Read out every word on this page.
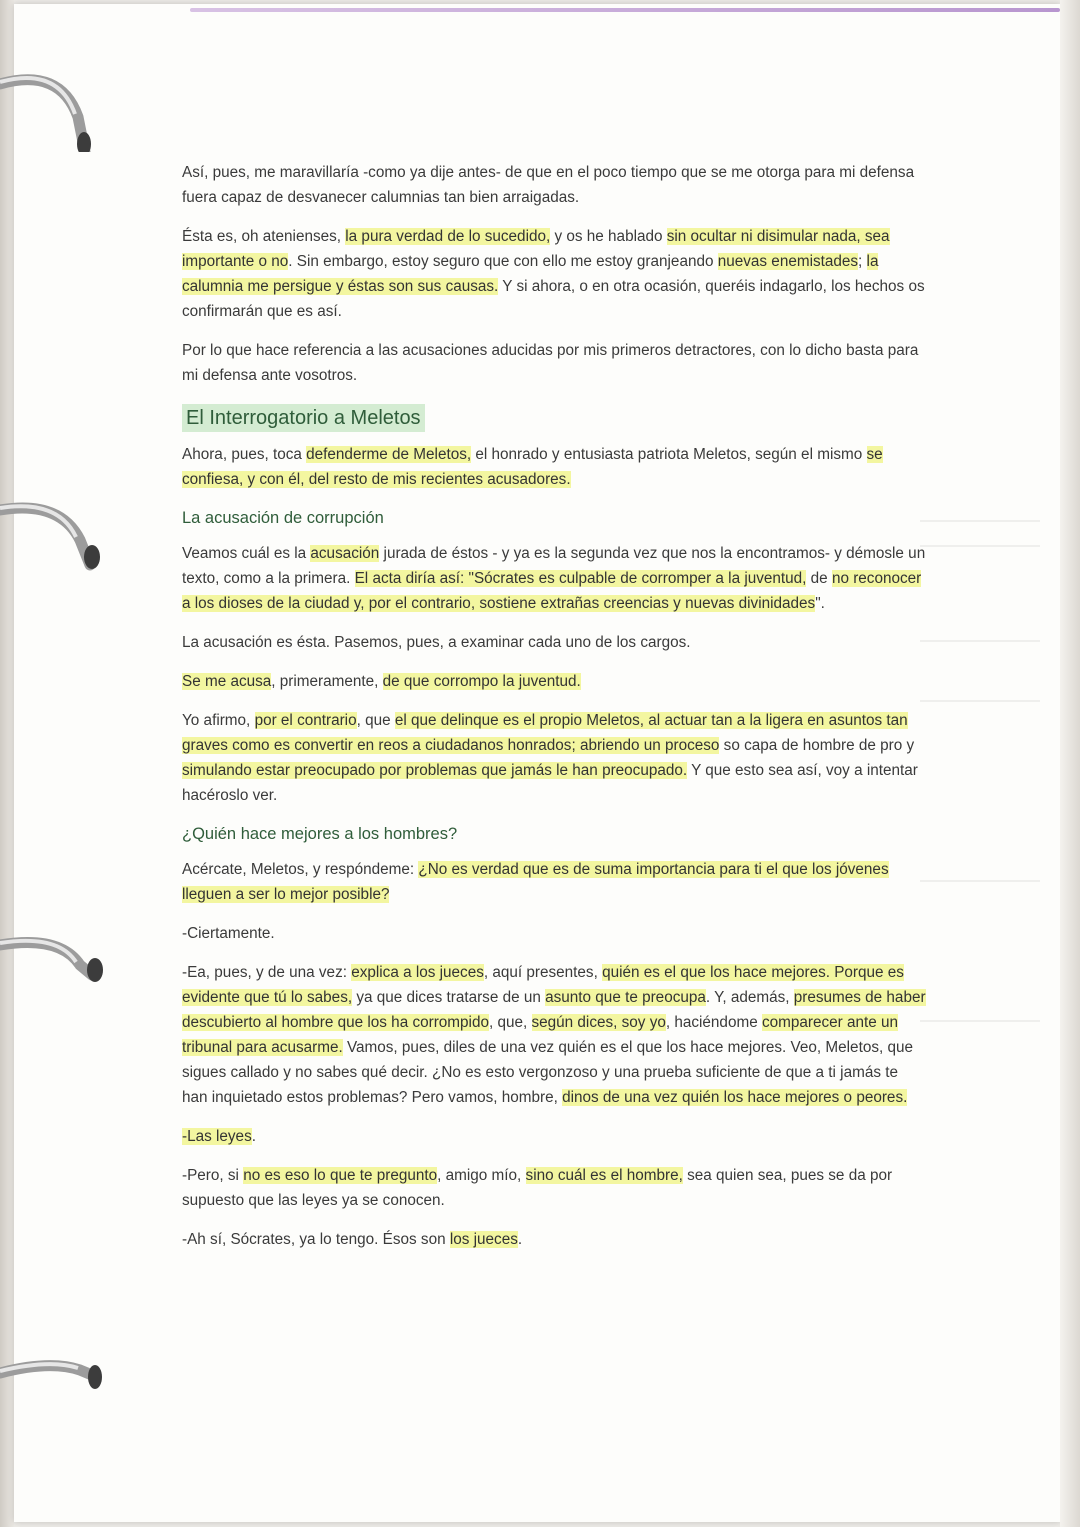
Así, pues, me maravillaría -como ya dije antes- de que en el poco tiempo que se me otorga para mi defensa fuera capaz de desvanecer calumnias tan bien arraigadas.

Ésta es, oh atenienses, la pura verdad de lo sucedido, y os he hablado sin ocultar ni disimular nada, sea importante o no. Sin embargo, estoy seguro que con ello me estoy granjeando nuevas enemistades; la calumnia me persigue y éstas son sus causas. Y si ahora, o en otra ocasión, queréis indagarlo, los hechos os confirmarán que es así.

Por lo que hace referencia a las acusaciones aducidas por mis primeros detractores, con lo dicho basta para mi defensa ante vosotros.

El Interrogatorio a Meletos

Ahora, pues, toca defenderme de Meletos, el honrado y entusiasta patriota Meletos, según el mismo se confiesa, y con él, del resto de mis recientes acusadores.

La acusación de corrupción

Veamos cuál es la acusación jurada de éstos - y ya es la segunda vez que nos la encontramos- y démosle un texto, como a la primera. El acta diría así: "Sócrates es culpable de corromper a la juventud, de no reconocer a los dioses de la ciudad y, por el contrario, sostiene extrañas creencias y nuevas divinidades".

La acusación es ésta. Pasemos, pues, a examinar cada uno de los cargos.

Se me acusa, primeramente, de que corrompo la juventud.

Yo afirmo, por el contrario, que el que delinque es el propio Meletos, al actuar tan a la ligera en asuntos tan graves como es convertir en reos a ciudadanos honrados; abriendo un proceso so capa de hombre de pro y simulando estar preocupado por problemas que jamás le han preocupado. Y que esto sea así, voy a intentar hacéroslo ver.

¿Quién hace mejores a los hombres?

Acércate, Meletos, y respóndeme: ¿No es verdad que es de suma importancia para ti el que los jóvenes lleguen a ser lo mejor posible?

-Ciertamente.

-Ea, pues, y de una vez: explica a los jueces, aquí presentes, quién es el que los hace mejores. Porque es evidente que tú lo sabes, ya que dices tratarse de un asunto que te preocupa. Y, además, presumes de haber descubierto al hombre que los ha corrompido, que, según dices, soy yo, haciéndome comparecer ante un tribunal para acusarme. Vamos, pues, diles de una vez quién es el que los hace mejores. Veo, Meletos, que sigues callado y no sabes qué decir. ¿No es esto vergonzoso y una prueba suficiente de que a ti jamás te han inquietado estos problemas? Pero vamos, hombre, dinos de una vez quién los hace mejores o peores.

-Las leyes.

-Pero, si no es eso lo que te pregunto, amigo mío, sino cuál es el hombre, sea quien sea, pues se da por supuesto que las leyes ya se conocen.

-Ah sí, Sócrates, ya lo tengo. Ésos son los jueces.
